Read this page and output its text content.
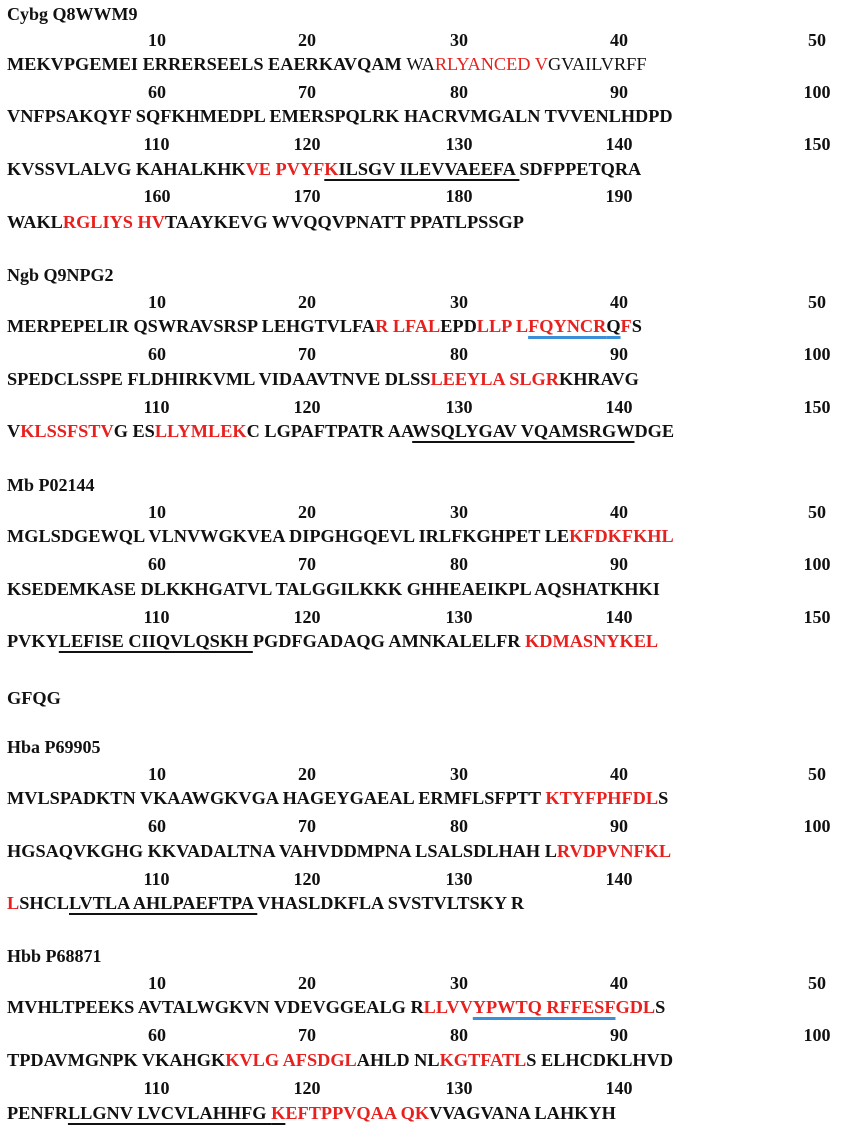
Cybg Q8WWM9
Ngb Q9NPG2
Mb P02144
Hba P69905
Hbb P68871
10	20	30	40	50
MEKVPGEMEI ERRERSEELS EAERKAVQAM WARLYANCED VGVAILVRFF
60	70	80	90	100
VNFPSAKQYF SQFKHMEDPL EMERSPQLRK HACRVMGALN TVVENLHDPD
110	120	130	140	150
KVSSVLALVG KAHALKHKVE PVYFKILSGV ILEVVAEEFA SDFPPETQRA
160	170	180	190
WAKLRGLIYS HVTAAYKEVG WVQQVPNATT PPATLPSSGP
10	20	30	40	50
MERPEPELIR QSWRAVSRSP LEHGTVLFAR LFALEPDLLP LFQYNCRQFS
60	70	80	90	100
SPEDCLSSPE FLDHIRKVML VIDAAVTNVE DLSSLEEYLA SLGRKHRAVG
110	120	130	140	150
VKLSSFSTVG ESLLYMLEKC LGPAFTPATR AAWSQLYGAV VQAMSRGWDGE
10	20	30	40	50
MGLSDGEWQL VLNVWGKVEA DIPGHGQEVL IRLFKGHPET LEKFDKFKHL
60	70	80	90	100
KSEDEMKASE DLKKHGATVL TALGGILKKK GHHEAEIKPL AQSHATKHKI
110	120	130	140	150
PVKYLEFISE CIIQVLQSKH PGDFGADAQG AMNKALELFR KDMASNYKEL
GFQG
10	20	30	40	50
MVLSPADKTN VKAAWGKVGA HAGEYGAEAL ERMFLSFPTT KTYFPHFDLS
60	70	80	90	100
HGSAQVKGHG KKVADALTNA VAHVDDMPNA LSALSDLHAH LRVDPVNFKL
110	120	130	140
LSHCLLVTLA AHLPAEFTPA VHASLDKFLA SVSTVLTSKY R
10	20	30	40	50
MVHLTPEEKS AVTALWGKVN VDEVGGEALG RLLVVYPWTQ RFFESFGDLS
60	70	80	90	100
TPDAVMGNPK VKAHGKKVLG AFSDGLAHLD NLKGTFATLS ELHCDKLHVD
110	120	130	140
PENFRLLGNV LVCVLAHHFG KEFTPPVQAA QKVVAGVANA LAHKYH
